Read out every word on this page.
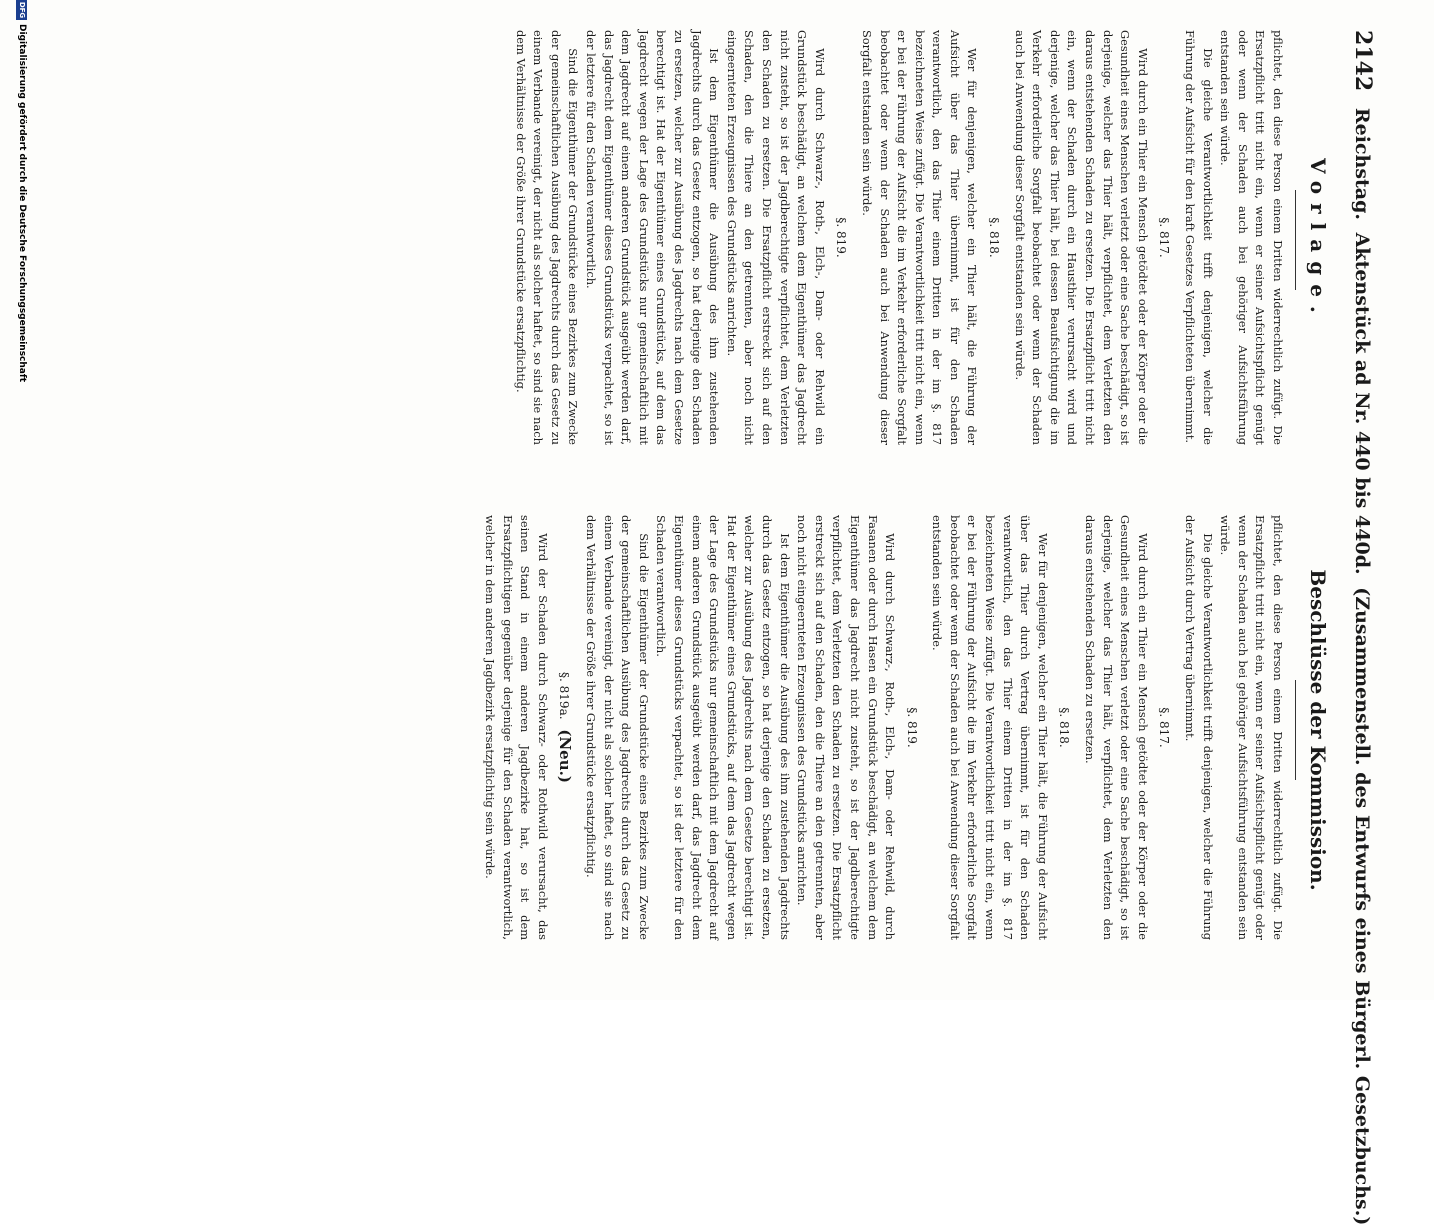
2142 Reichstag. Aktenstück ad Nr. 440 bis 440d. (Zusammenstell. des Entwurfs eines Bürgerl. Gesetzbuchs.)
Vorlage.
Beschlüsse der Kommission.

pflichtet, den diese Person einem Dritten widerrechtlich zufügt. Die Ersatzpflicht tritt nicht ein, wenn er seiner Aufsichtspflicht genügt oder wenn der Schaden auch bei gehöriger Aufsichtsführung entstanden sein würde.

Die gleiche Verantwortlichkeit trifft denjenigen, welcher die Führung der Aufsicht für den kraft Gesetzes Verpflichteten übernimmt.

§. 817.

Wird durch ein Thier ein Mensch getödtet oder der Körper oder die Gesundheit eines Menschen verletzt oder eine Sache beschädigt, so ist derjenige, welcher das Thier hält, verpflichtet, dem Verletzten den daraus entstehenden Schaden zu ersetzen. Die Ersatzpflicht tritt nicht ein, wenn der Schaden durch ein Hausthier verursacht wird und derjenige, welcher das Thier hält, bei dessen Beaufsichtigung die im Verkehr erforderliche Sorgfalt beobachtet oder wenn der Schaden auch bei Anwendung dieser Sorgfalt entstanden sein würde.

§. 818.

Wer für denjenigen, welcher ein Thier hält, die Führung der Aufsicht über das Thier übernimmt, ist für den Schaden verantwortlich, den das Thier einem Dritten in der im §. 817 bezeichneten Weise zufügt. Die Verantwortlichkeit tritt nicht ein, wenn er bei der Führung der Aufsicht die im Verkehr erforderliche Sorgfalt beobachtet oder wenn der Schaden auch bei Anwendung dieser Sorgfalt entstanden sein würde.

§. 819.

Wird durch Schwarz-, Roth-, Elch-, Dam- oder Rehwild ein Grundstück beschädigt, an welchem dem Eigenthümer das Jagdrecht nicht zusteht, so ist der Jagdberechtigte verpflichtet, dem Verletzten den Schaden zu ersetzen. Die Ersatzpflicht erstreckt sich auf den Schaden, den die Thiere an den getrennten, aber noch nicht eingeernteten Erzeugnissen des Grundstücks anrichten.

Ist dem Eigenthümer die Ausübung des ihm zustehenden Jagdrechts durch das Gesetz entzogen, so hat derjenige den Schaden zu ersetzen, welcher zur Ausübung des Jagdrechts nach dem Gesetze berechtigt ist. Hat der Eigenthümer eines Grundstücks, auf dem das Jagdrecht wegen der Lage des Grundstücks nur gemeinschaftlich mit dem Jagdrecht auf einem anderen Grundstück ausgeübt werden darf, das Jagdrecht dem Eigenthümer dieses Grundstücks verpachtet, so ist der letztere für den Schaden verantwortlich.

Sind die Eigenthümer der Grundstücke eines Bezirkes zum Zwecke der gemeinschaftlichen Ausübung des Jagdrechts durch das Gesetz zu einem Verbande vereinigt, der nicht als solcher haftet, so sind sie nach dem Verhältnisse der Größe ihrer Grundstücke ersatzpflichtig.

pflichtet, den diese Person einem Dritten widerrechtlich zufügt. Die Ersatzpflicht tritt nicht ein, wenn er seiner Aufsichtspflicht genügt oder wenn der Schaden auch bei gehöriger Aufsichtsführung entstanden sein würde.

Die gleiche Verantwortlichkeit trifft denjenigen, welcher die Führung der Aufsicht durch Vertrag übernimmt.

§. 817.

Wird durch ein Thier ein Mensch getödtet oder der Körper oder die Gesundheit eines Menschen verletzt oder eine Sache beschädigt, so ist derjenige, welcher das Thier hält, verpflichtet, dem Verletzten den daraus entstehenden Schaden zu ersetzen.

§. 818.

Wer für denjenigen, welcher ein Thier hält, die Führung der Aufsicht über das Thier durch Vertrag übernimmt, ist für den Schaden verantwortlich, den das Thier einem Dritten in der im §. 817 bezeichneten Weise zufügt. Die Verantwortlichkeit tritt nicht ein, wenn er bei der Führung der Aufsicht die im Verkehr erforderliche Sorgfalt beobachtet oder wenn der Schaden auch bei Anwendung dieser Sorgfalt entstanden sein würde.

§. 819.

Wird durch Schwarz-, Roth-, Elch-, Dam- oder Rehwild, durch Fasanen oder durch Hasen ein Grundstück beschädigt, an welchem dem Eigenthümer das Jagdrecht nicht zusteht, so ist der Jagdberechtigte verpflichtet, dem Verletzten den Schaden zu ersetzen. Die Ersatzpflicht erstreckt sich auf den Schaden, den die Thiere an den getrennten, aber noch nicht eingeernteten Erzeugnissen des Grundstücks anrichten.

Ist dem Eigenthümer die Ausübung des ihm zustehenden Jagdrechts durch das Gesetz entzogen, so hat derjenige den Schaden zu ersetzen, welcher zur Ausübung des Jagdrechts nach dem Gesetze berechtigt ist. Hat der Eigenthümer eines Grundstücks, auf dem das Jagdrecht wegen der Lage des Grundstücks nur gemeinschaftlich mit dem Jagdrecht auf einem anderen Grundstück ausgeübt werden darf, das Jagdrecht dem Eigenthümer dieses Grundstücks verpachtet, so ist der letztere für den Schaden verantwortlich.

Sind die Eigenthümer der Grundstücke eines Bezirkes zum Zwecke der gemeinschaftlichen Ausübung des Jagdrechts durch das Gesetz zu einem Verbande vereinigt, der nicht als solcher haftet, so sind sie nach dem Verhältnisse der Größe ihrer Grundstücke ersatzpflichtig.

§. 819a. (Neu.)

Wird der Schaden durch Schwarz- oder Rothwild verursacht, das seinen Stand in einem anderen Jagdbezirke hat, so ist dem Ersatzpflichtigen gegenüber derjenige für den Schaden verantwortlich, welcher in dem anderen Jagdbezirk ersatzpflichtig sein würde.

DFG
Digitalisierung gefördert durch die Deutsche Forschungsgemeinschaft
